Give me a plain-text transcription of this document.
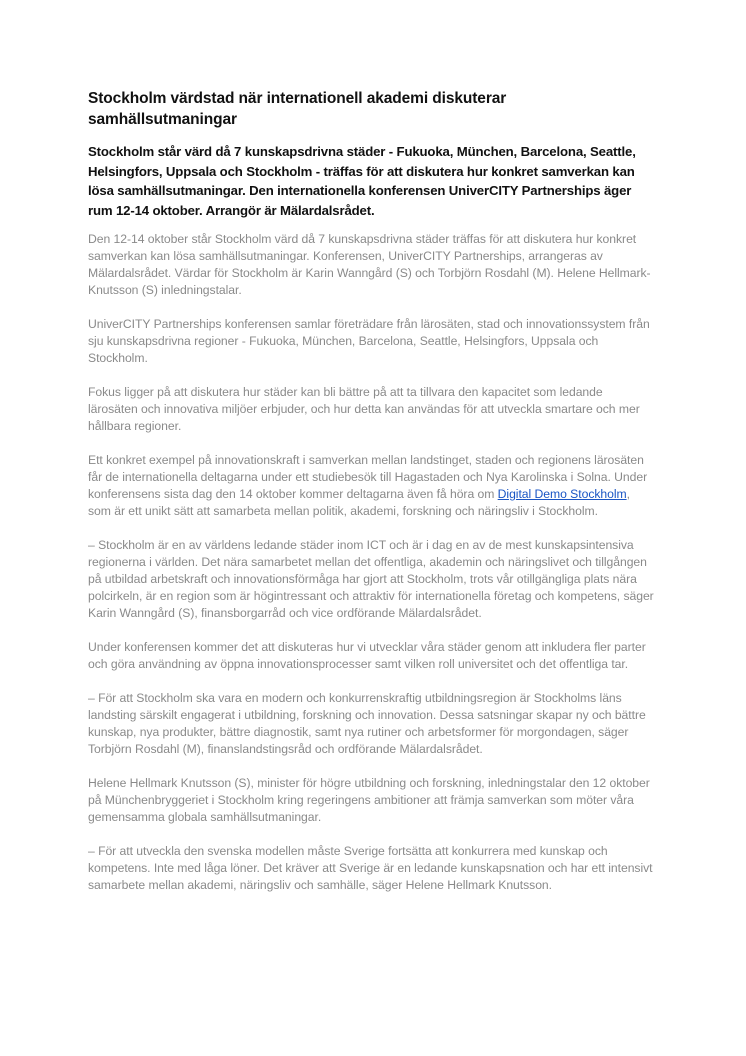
Stockholm värdstad när internationell akademi diskuterar samhällsutmaningar

Stockholm står värd då 7 kunskapsdrivna städer - Fukuoka, München, Barcelona, Seattle, Helsingfors, Uppsala och Stockholm - träffas för att diskutera hur konkret samverkan kan lösa samhällsutmaningar. Den internationella konferensen UniverCITY Partnerships äger rum 12-14 oktober. Arrangör är Mälardalsrådet.

Den 12-14 oktober står Stockholm värd då 7 kunskapsdrivna städer träffas för att diskutera hur konkret samverkan kan lösa samhällsutmaningar. Konferensen, UniverCITY Partnerships, arrangeras av Mälardalsrådet. Värdar för Stockholm är Karin Wanngård (S) och Torbjörn Rosdahl (M). Helene Hellmark-Knutsson (S) inledningstalar.

UniverCITY Partnerships konferensen samlar företrädare från lärosäten, stad och innovationssystem från sju kunskapsdrivna regioner - Fukuoka, München, Barcelona, Seattle, Helsingfors, Uppsala och Stockholm.

Fokus ligger på att diskutera hur städer kan bli bättre på att ta tillvara den kapacitet som ledande lärosäten och innovativa miljöer erbjuder, och hur detta kan användas för att utveckla smartare och mer hållbara regioner.

Ett konkret exempel på innovationskraft i samverkan mellan landstinget, staden och regionens lärosäten får de internationella deltagarna under ett studiebesök till Hagastaden och Nya Karolinska i Solna. Under konferensens sista dag den 14 oktober kommer deltagarna även få höra om Digital Demo Stockholm, som är ett unikt sätt att samarbeta mellan politik, akademi, forskning och näringsliv i Stockholm.

– Stockholm är en av världens ledande städer inom ICT och är i dag en av de mest kunskapsintensiva regionerna i världen. Det nära samarbetet mellan det offentliga, akademin och näringslivet och tillgången på utbildad arbetskraft och innovationsförmåga har gjort att Stockholm, trots vår otillgängliga plats nära polcirkeln, är en region som är högintressant och attraktiv för internationella företag och kompetens, säger Karin Wanngård (S), finansborgarråd och vice ordförande Mälardalsrådet.

Under konferensen kommer det att diskuteras hur vi utvecklar våra städer genom att inkludera fler parter och göra användning av öppna innovationsprocesser samt vilken roll universitet och det offentliga tar.

– För att Stockholm ska vara en modern och konkurrenskraftig utbildningsregion är Stockholms läns landsting särskilt engagerat i utbildning, forskning och innovation. Dessa satsningar skapar ny och bättre kunskap, nya produkter, bättre diagnostik, samt nya rutiner och arbetsformer för morgondagen, säger Torbjörn Rosdahl (M), finanslandstingsråd och ordförande Mälardalsrådet.

Helene Hellmark Knutsson (S), minister för högre utbildning och forskning, inledningstalar den 12 oktober på Münchenbryggeriet i Stockholm kring regeringens ambitioner att främja samverkan som möter våra gemensamma globala samhällsutmaningar.

– För att utveckla den svenska modellen måste Sverige fortsätta att konkurrera med kunskap och kompetens. Inte med låga löner. Det kräver att Sverige är en ledande kunskapsnation och har ett intensivt samarbete mellan akademi, näringsliv och samhälle, säger Helene Hellmark Knutsson.
